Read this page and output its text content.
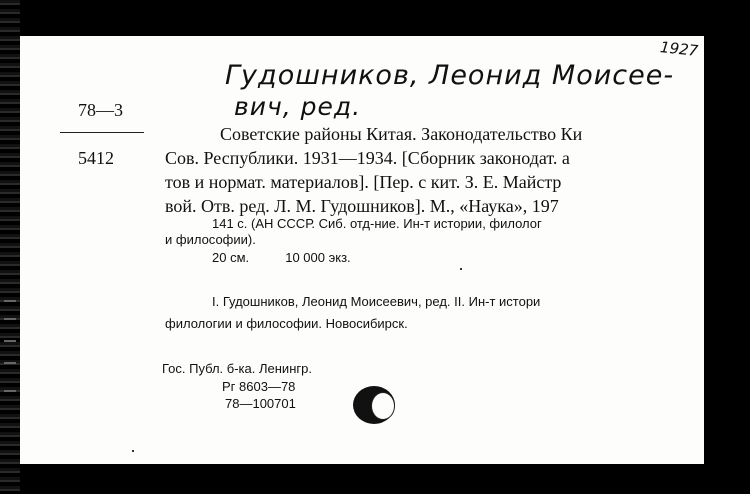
1927
Гудошников, Леонид Моисее-
вич, ред.
78—3
5412
Советские районы Китая. Законодательство Ки
Сов. Республики. 1931—1934. [Сборник законодат. а
тов и нормат. материалов]. [Пер. с кит. З. Е. Майстр
вой. Отв. ред. Л. М. Гудошников]. М., «Наука», 197
141 с. (АН СССР. Сиб. отд-ние. Ин-т истории, филолог
и философии).
20 см.          10 000 экз.
I. Гудошников, Леонид Моисеевич, ред. II. Ин-т истори
филологии и философии. Новосибирск.
Гос. Публ. б-ка. Ленингр.
Рг 8603—78
78—100701
